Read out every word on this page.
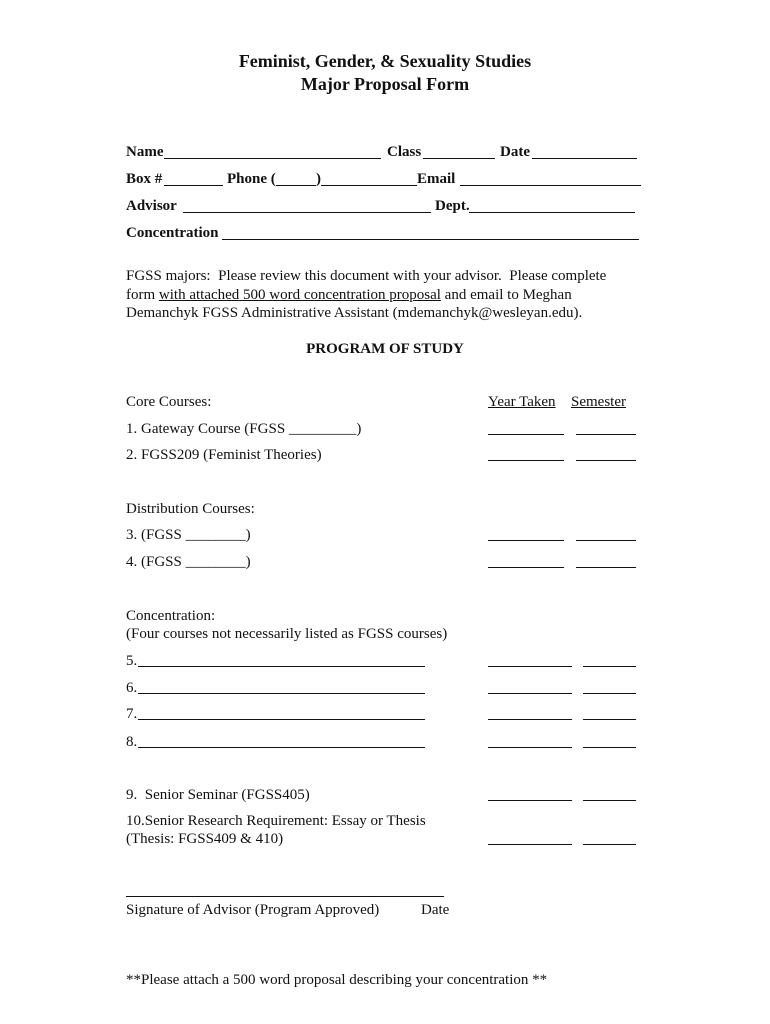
Feminist, Gender, & Sexuality Studies
Major Proposal Form
Name	Class	Date
Box #	Phone (	)	Email
Advisor	Dept.
Concentration
FGSS majors:  Please review this document with your advisor.  Please complete
form with attached 500 word concentration proposal and email to Meghan
Demanchyk FGSS Administrative Assistant (mdemanchyk@wesleyan.edu).
PROGRAM OF STUDY
Core Courses:	Year Taken Semester
1. Gateway Course (FGSS _________)
2. FGSS209 (Feminist Theories)
Distribution Courses:
3. (FGSS ________)
4. (FGSS ________)
Concentration:
(Four courses not necessarily listed as FGSS courses)
5.
6.
7.
8.
9.  Senior Seminar (FGSS405)
10.Senior Research Requirement: Essay or Thesis
(Thesis: FGSS409 & 410)
Signature of Advisor (Program Approved)	Date
**Please attach a 500 word proposal describing your concentration **
